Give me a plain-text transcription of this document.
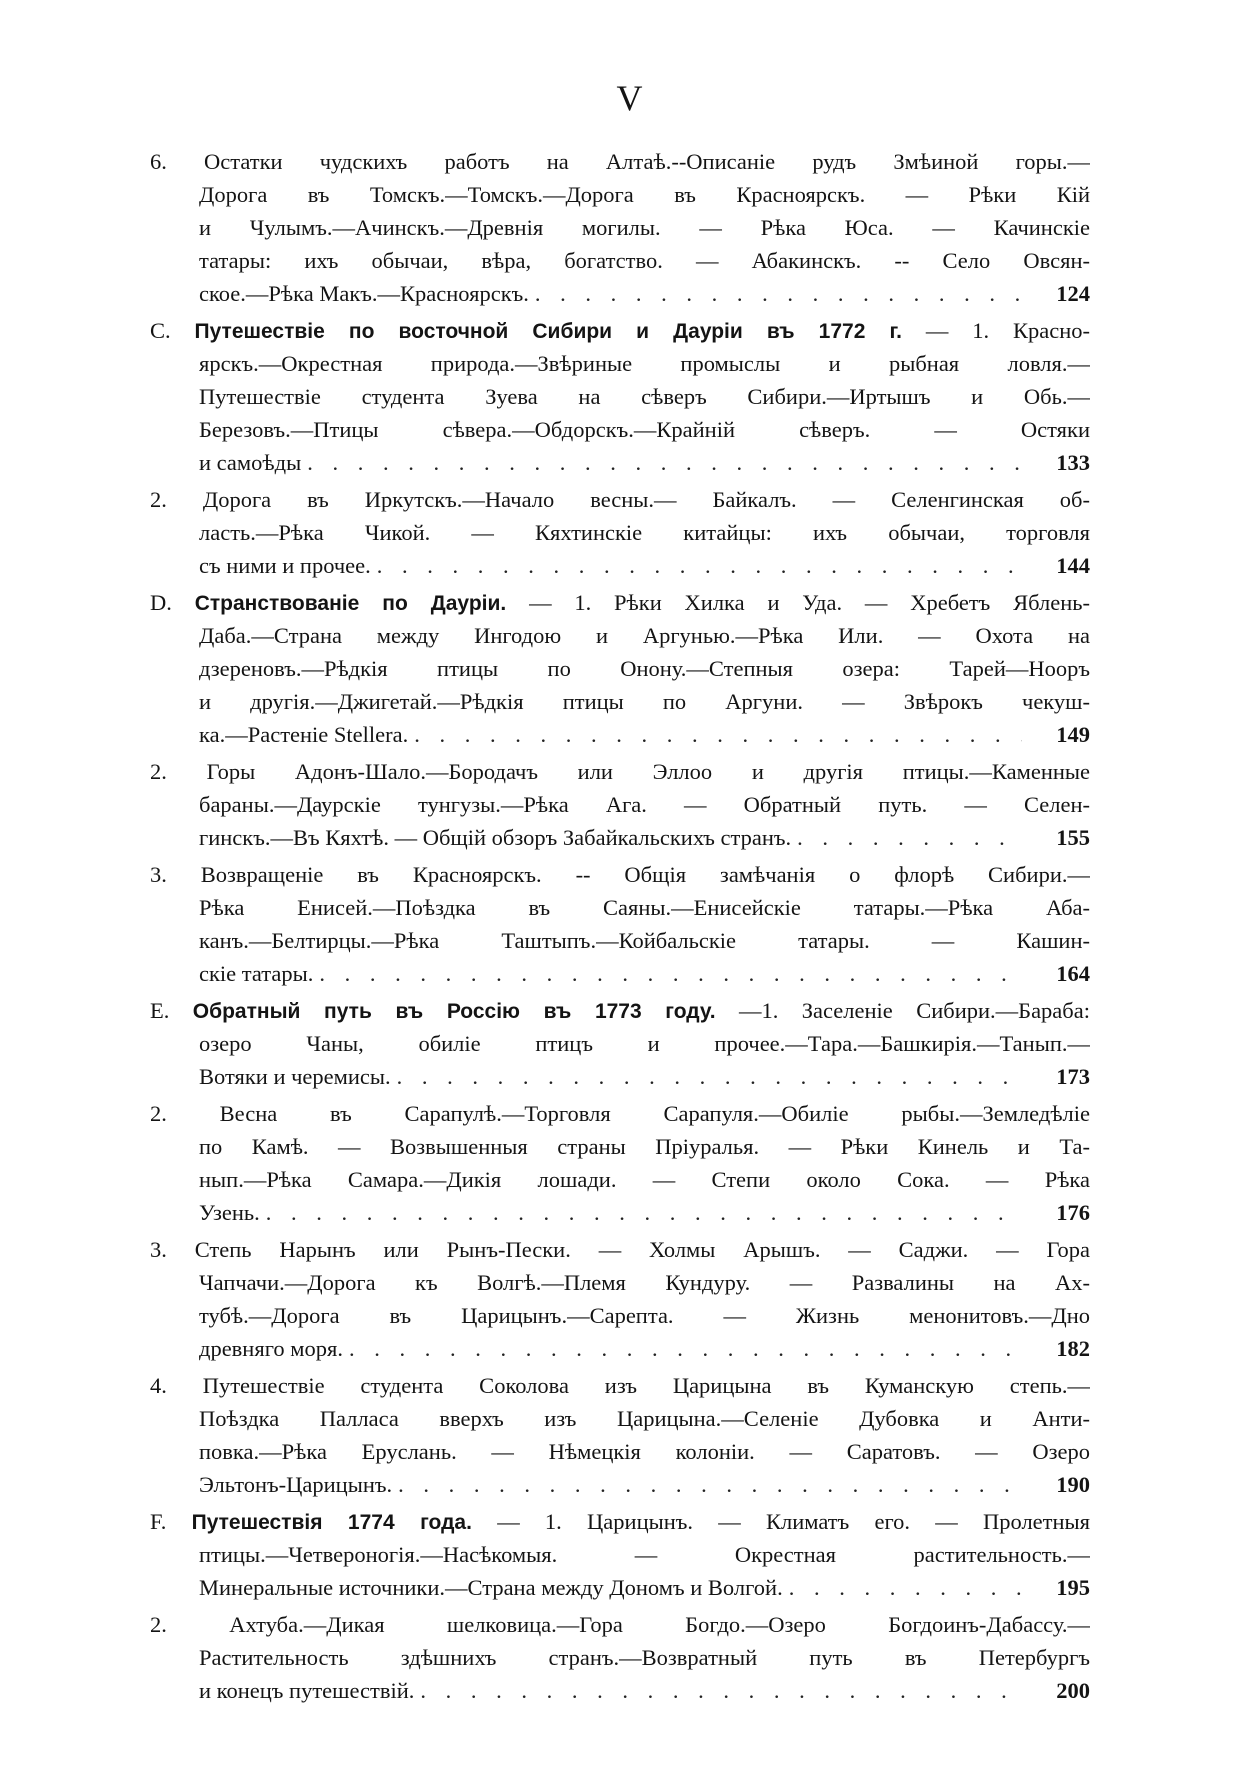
V
6. Остатки чудскихъ работъ на Алтаѣ.--Описаніе рудъ Змѣиной горы.—
Дорога въ Томскъ.—Томскъ.—Дорога въ Красноярскъ. — Рѣки Кій
и Чулымъ.—Ачинскъ.—Древнія могилы. — Рѣка Юса. — Качинскіе
татары: ихъ обычаи, вѣра, богатство. — Абакинскъ. -- Село Овсян-
ское.—Рѣка Макъ.—Красноярскъ. . . .	124
C. Путешествіе по восточной Сибири и Дауріи въ 1772 г. — 1. Красно-
ярскъ.—Окрестная природа.—Звѣриные промыслы и рыбная ловля.—
Путешествіе студента Зуева на сѣверъ Сибири.—Иртышъ и Обь.—
Березовъ.—Птицы сѣвера.—Обдорскъ.—Крайній сѣверъ. — Остяки
и самоѣды . . .	133
2. Дорога въ Иркутскъ.—Начало весны.— Байкалъ. — Селенгинская об-
ласть.—Рѣка Чикой. — Кяхтинскіе китайцы: ихъ обычаи, торговля
съ ними и прочее. . . .	144
D. Странствованіе по Дауріи. — 1. Рѣки Хилка и Уда. — Хребетъ Яблень-
Даба.—Страна между Ингодою и Аргунью.—Рѣка Или. — Охота на
дзереновъ.—Рѣдкія птицы по Онону.—Степныя озера: Тарей—Нооръ
и другія.—Джигетай.—Рѣдкія птицы по Аргуни. — Звѣрокъ чекуш-
ка.—Растеніе Stellera. . . .	149
2. Горы Адонъ-Шало.—Бородачъ или Эллоо и другія птицы.—Каменные
бараны.—Даурскіе тунгузы.—Рѣка Ага. — Обратный путь. — Селен-
гинскъ.—Въ Кяхтѣ. — Общій обзоръ Забайкальскихъ странъ. . . .	155
3. Возвращеніе въ Красноярскъ. -- Общія замѣчанія о флорѣ Сибири.—
Рѣка Енисей.—Поѣздка въ Саяны.—Енисейскіе татары.—Рѣка Аба-
канъ.—Белтирцы.—Рѣка Таштыпъ.—Койбальскіе татары. — Кашин-
скіе татары. . . .	164
E. Обратный путь въ Россію въ 1773 году. —1. Заселеніе Сибири.—Бараба:
озеро Чаны, обиліе птицъ и прочее.—Тара.—Башкирія.—Танып.—
Вотяки и черемисы. . . .	173
2. Весна въ Сарапулѣ.—Торговля Сарапуля.—Обиліе рыбы.—Земледѣліе
по Камѣ. — Возвышенныя страны Пріуралья. — Рѣки Кинель и Та-
нып.—Рѣка Самара.—Дикія лошади. — Степи около Сока. — Рѣка
Узень. . . .	176
3. Степь Нарынъ или Рынъ-Пески. — Холмы Арышъ. — Саджи. — Гора
Чапчачи.—Дорога къ Волгѣ.—Племя Кундуру. — Развалины на Ах-
тубѣ.—Дорога въ Царицынъ.—Сарепта. — Жизнь менонитовъ.—Дно
древняго моря. . . .	182
4. Путешествіе студента Соколова изъ Царицына въ Куманскую степь.—
Поѣздка Палласа вверхъ изъ Царицына.—Селеніе Дубовка и Анти-
повка.—Рѣка Еруслань. — Нѣмецкія колоніи. — Саратовъ. — Озеро
Эльтонъ-Царицынъ. . . .	190
F. Путешествія 1774 года. — 1. Царицынъ. — Климатъ его. — Пролетныя
птицы.—Четвероногія.—Насѣкомыя. — Окрестная растительность.—
Минеральные источники.—Страна между Дономъ и Волгой. . . .	195
2.	Ахтуба.—Дикая шелковица.—Гора Богдо.—Озеро Богдоинъ-Дабассу.—
Растительность здѣшнихъ странъ.—Возвратный путь въ Петербургъ
и конецъ путешествій. . . .	200
